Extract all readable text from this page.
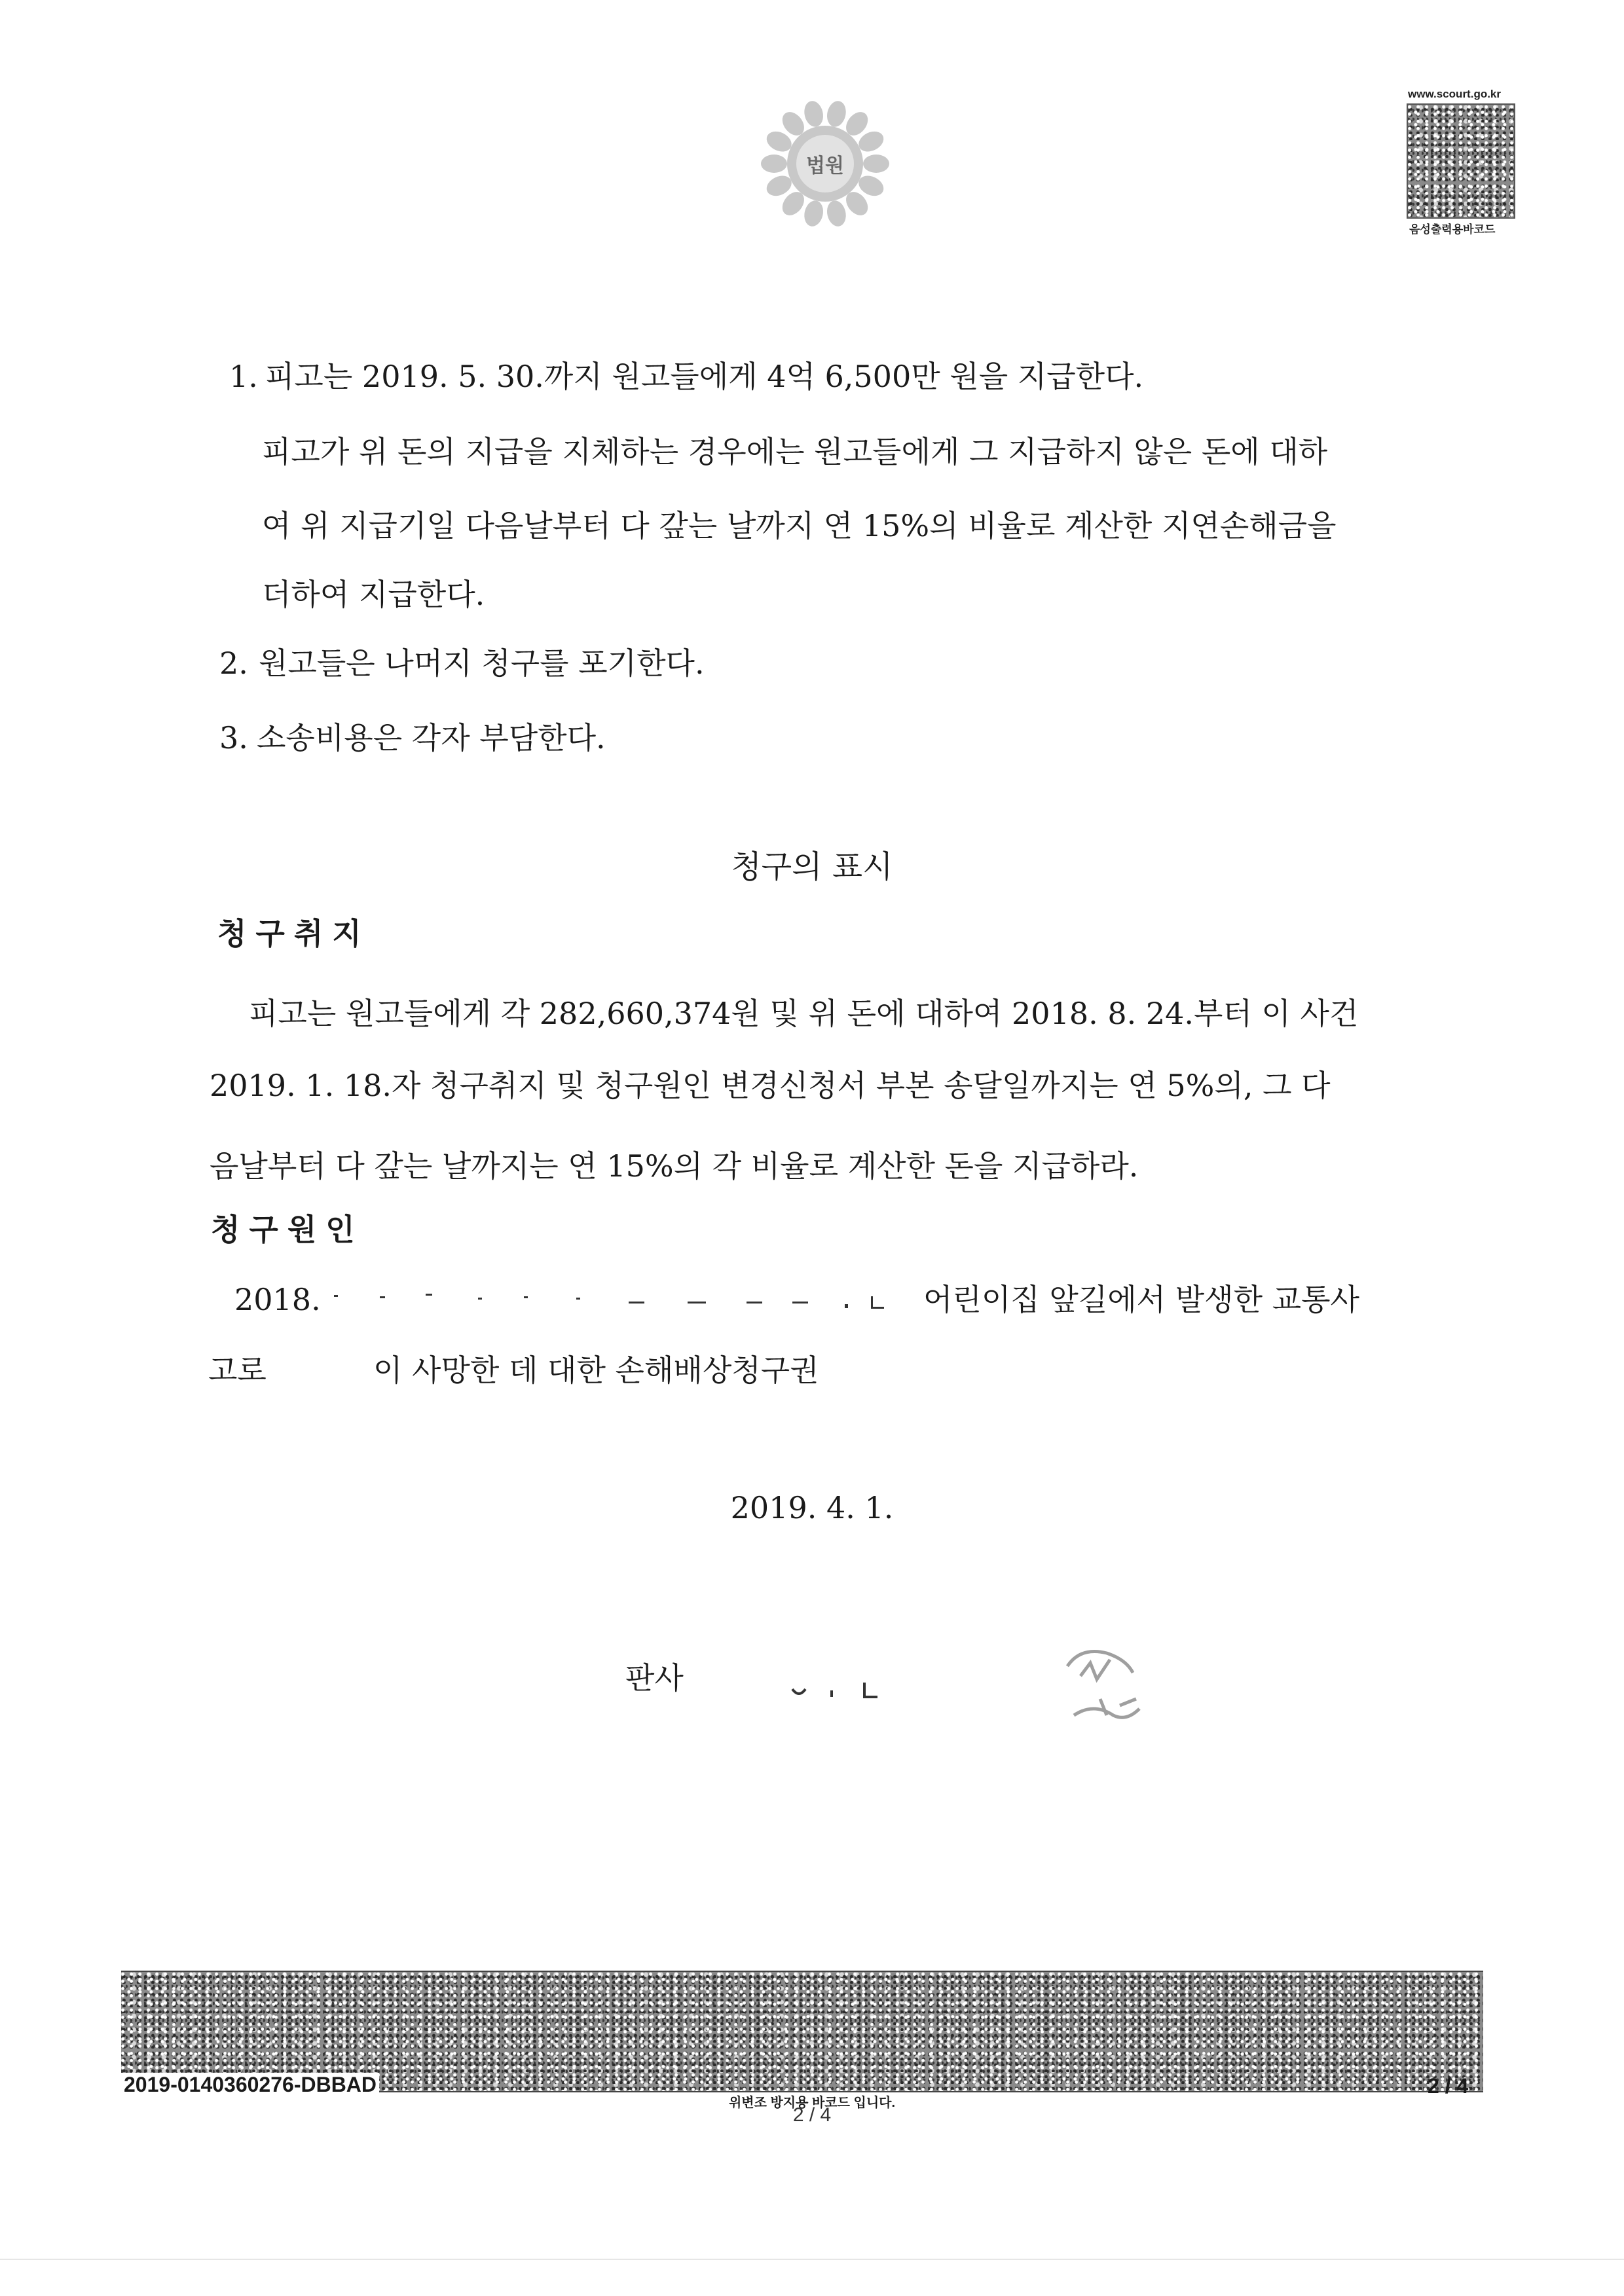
법원
www.scourt.go.kr
음성출력용바코드
1. 피고는 2019. 5. 30.까지 원고들에게 4억 6,500만 원을 지급한다.
피고가 위 돈의 지급을 지체하는 경우에는 원고들에게 그 지급하지 않은 돈에 대하
여 위 지급기일 다음날부터 다 갚는 날까지 연 15%의 비율로 계산한 지연손해금을
더하여 지급한다.
2. 원고들은 나머지 청구를 포기한다.
3. 소송비용은 각자 부담한다.
청구의 표시
청구취지
피고는 원고들에게 각 282,660,374원 및 위 돈에 대하여 2018. 8. 24.부터 이 사건
2019. 1. 18.자 청구취지 및 청구원인 변경신청서 부본 송달일까지는 연 5%의, 그 다
음날부터 다 갚는 날까지는 연 15%의 각 비율로 계산한 돈을 지급하라.
청구원인
2018.	어린이집 앞길에서 발생한 교통사
고로	이 사망한 데 대한 손해배상청구권
2019. 4. 1.
판사
2019-0140360276-DBBAD
위변조 방지용 바코드 입니다.
2 / 4
2 / 4
